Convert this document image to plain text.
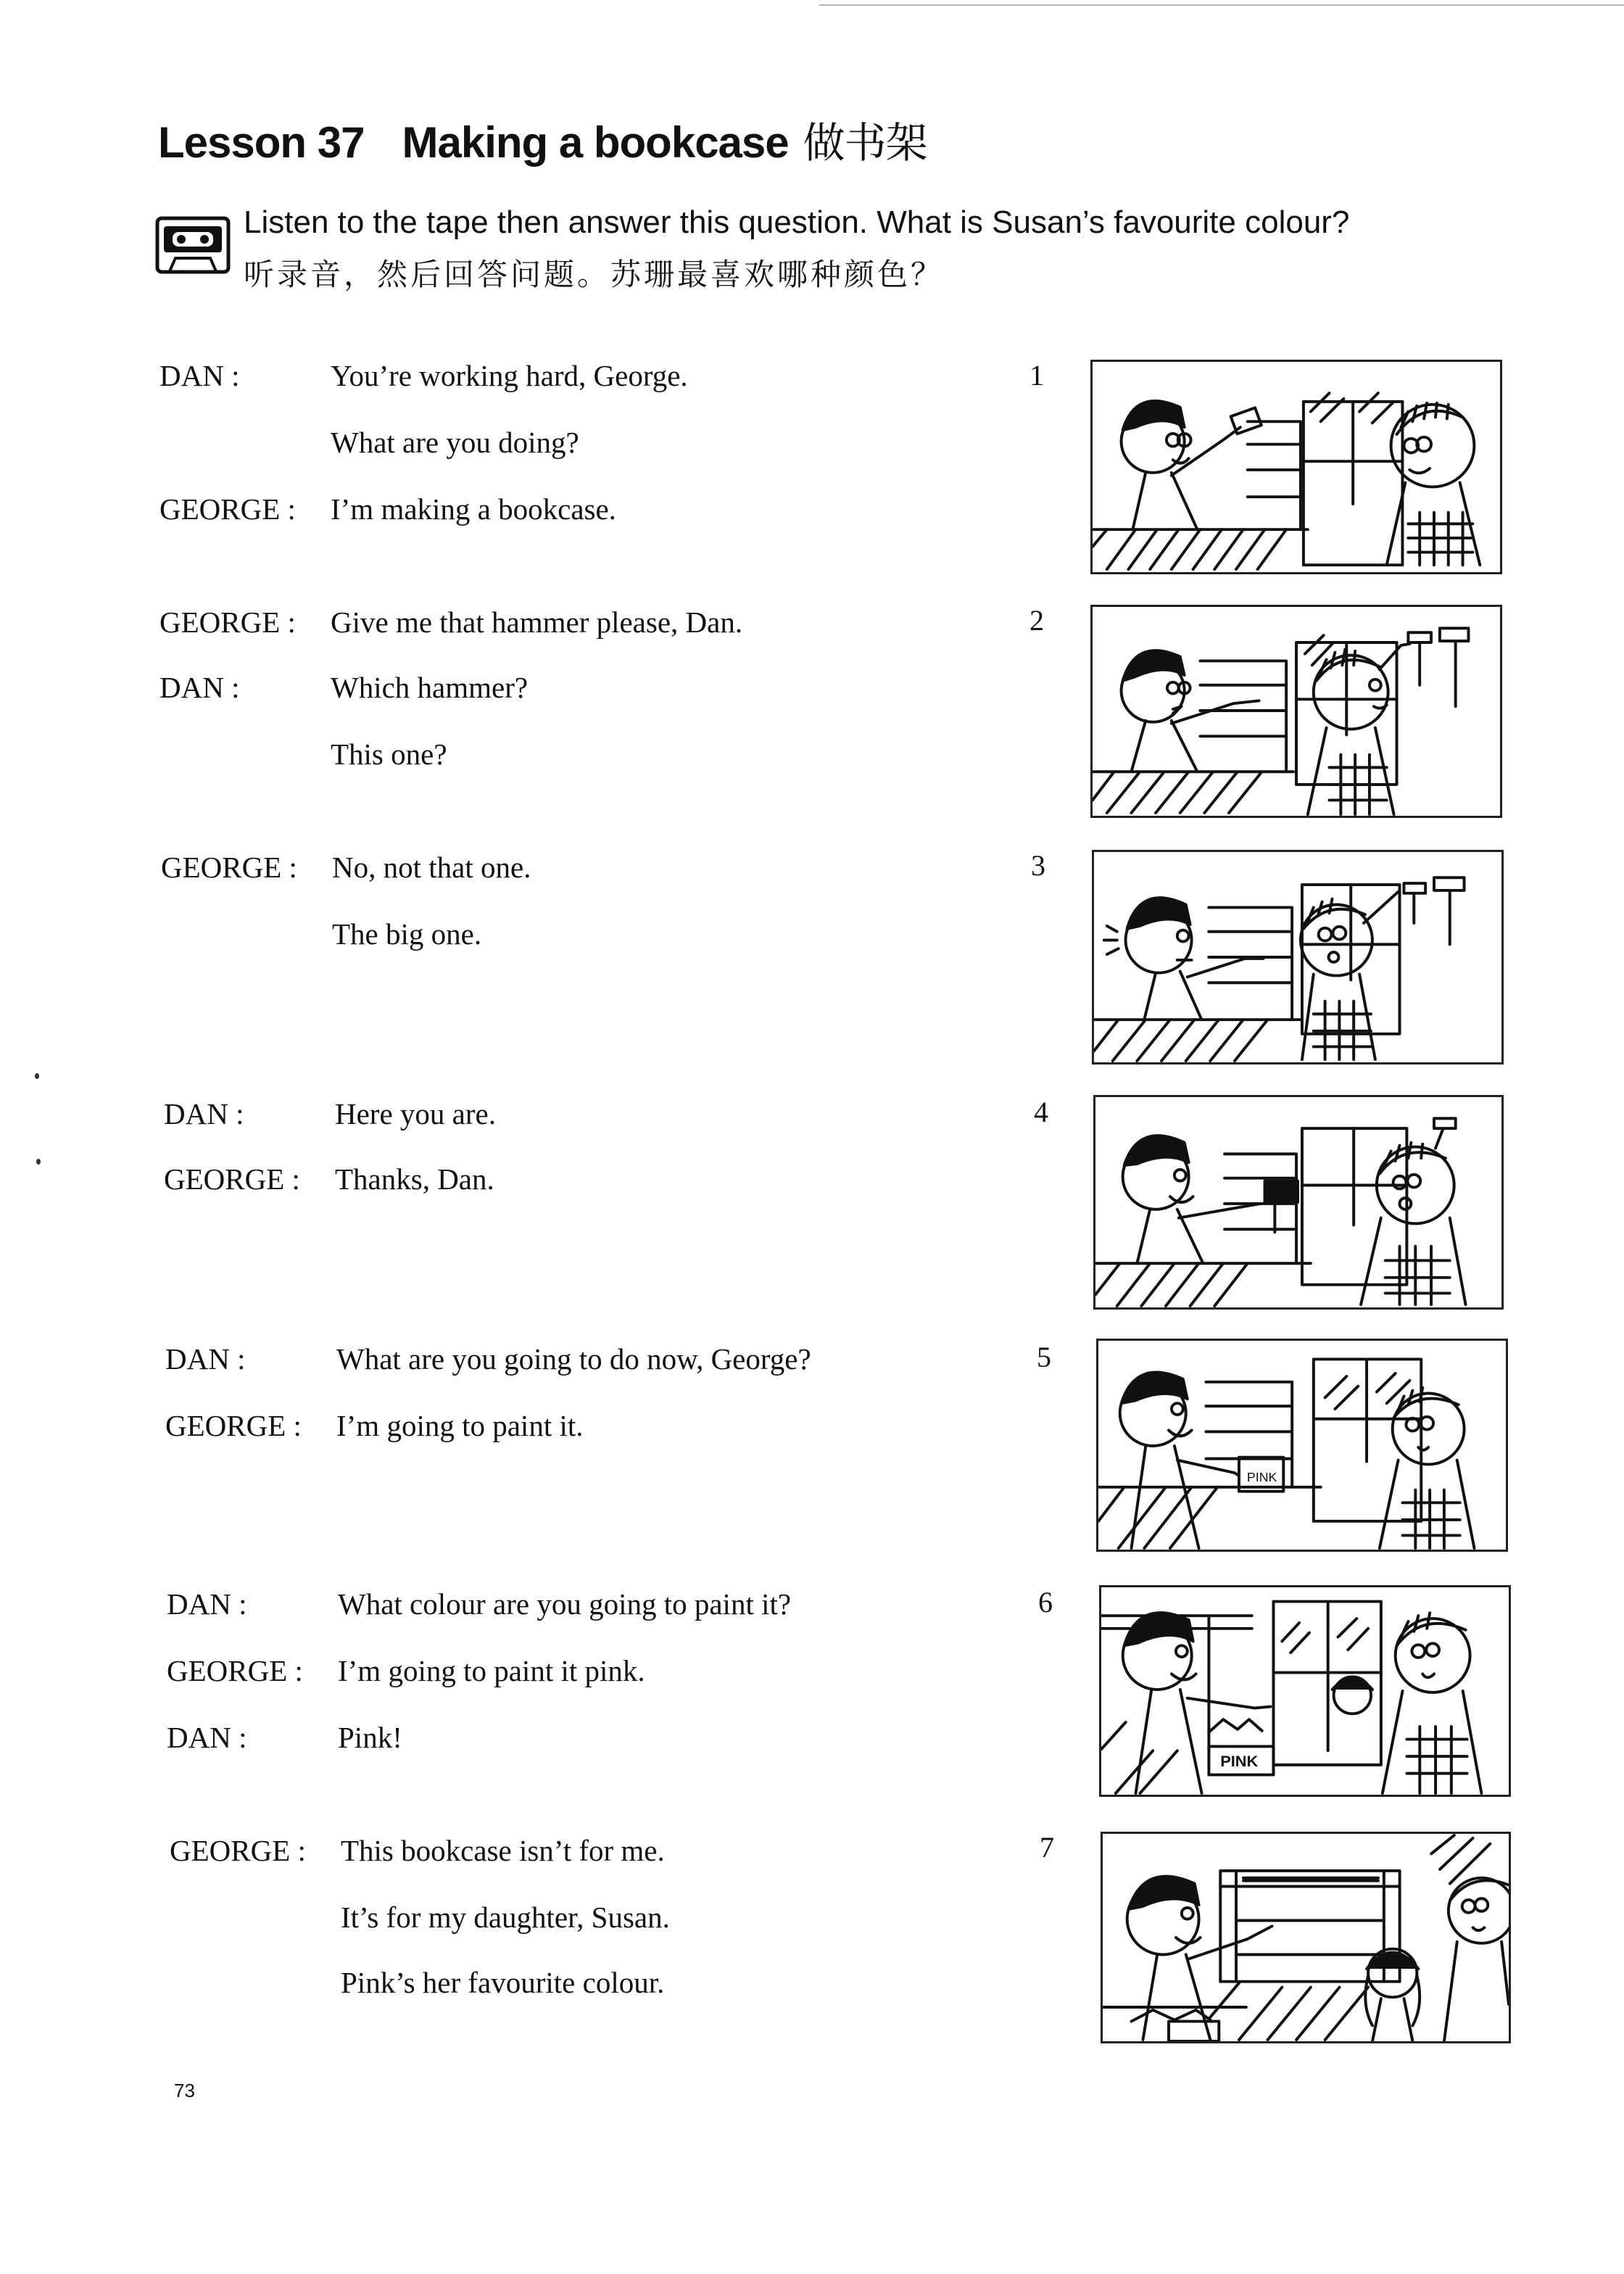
Lesson 37 Making a bookcase 做书架
Listen to the tape then answer this question. What is Susan’s favourite colour?
听录音，然后回答问题。苏珊最喜欢哪种颜色？
DAN :	You’re working hard, George.
What are you doing?
GEORGE : I’m making a bookcase.
1
GEORGE : Give me that hammer please, Dan.
DAN :	Which hammer?
This one?
2
GEORGE : No, not that one.
The big one.
3
DAN :	Here you are.
GEORGE : Thanks, Dan.
4
DAN :	What are you going to do now, George?
GEORGE : I’m going to paint it.
5
DAN :	What colour are you going to paint it?
GEORGE : I’m going to paint it pink.
DAN :	Pink!
6
GEORGE : This bookcase isn’t for me.
It’s for my daughter, Susan.
Pink’s her favourite colour.
7
PINK
PINK
73
